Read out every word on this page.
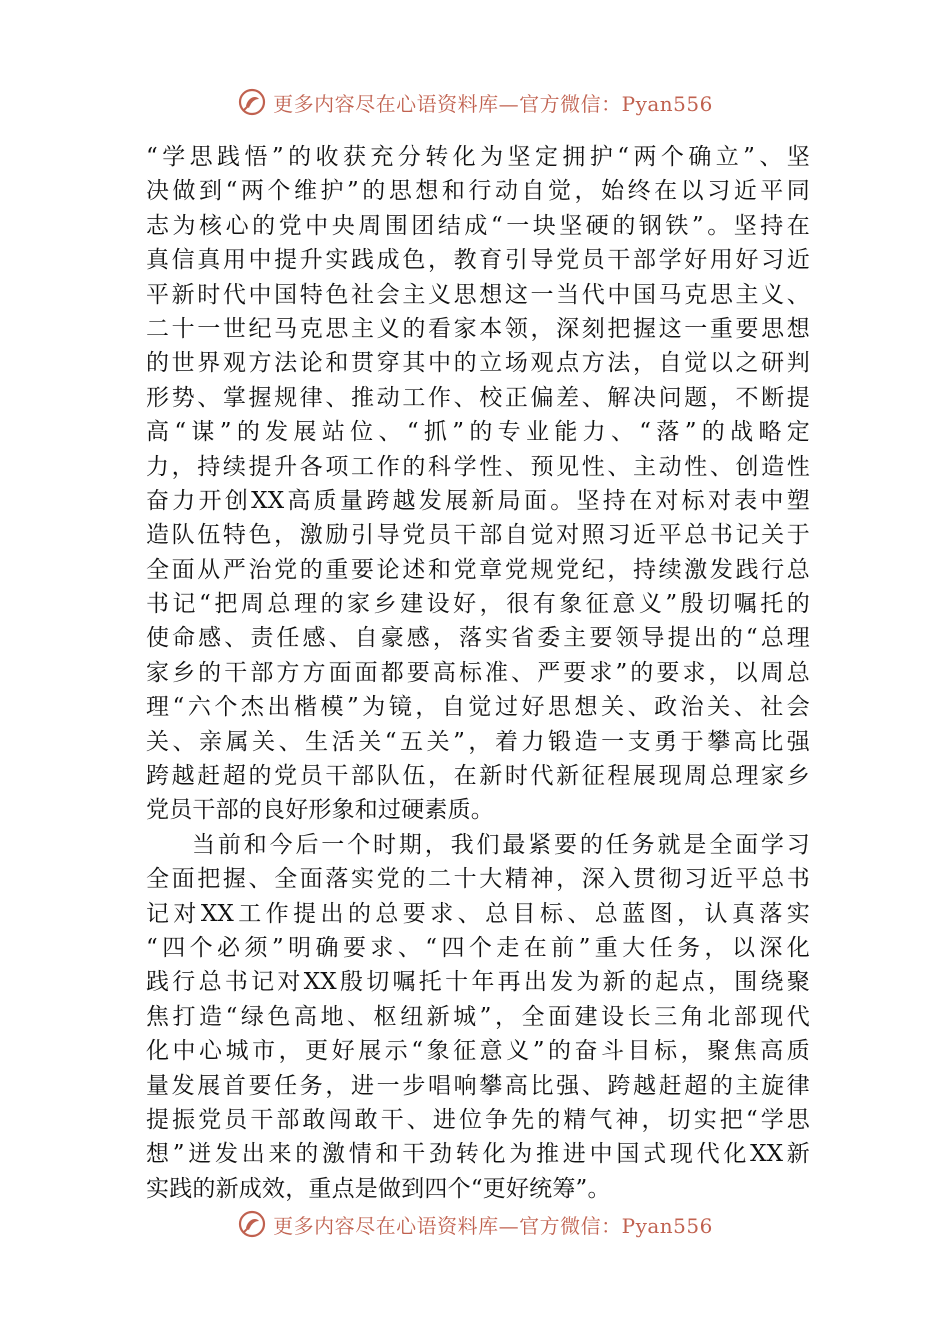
更多内容尽在心语资料库—官方微信：Pyan556
“学思践悟”的收获充分转化为坚定拥护“两个确立”、坚
决做到“两个维护”的思想和行动自觉，始终在以习近平同
志为核心的党中央周围团结成“一块坚硬的钢铁”。坚持在
真信真用中提升实践成色，教育引导党员干部学好用好习近
平新时代中国特色社会主义思想这一当代中国马克思主义、
二十一世纪马克思主义的看家本领，深刻把握这一重要思想
的世界观方法论和贯穿其中的立场观点方法，自觉以之研判
形势、掌握规律、推动工作、校正偏差、解决问题，不断提
高“谋”的发展站位、“抓”的专业能力、“落”的战略定
力，持续提升各项工作的科学性、预见性、主动性、创造性
奋力开创XX高质量跨越发展新局面。坚持在对标对表中塑
造队伍特色，激励引导党员干部自觉对照习近平总书记关于
全面从严治党的重要论述和党章党规党纪，持续激发践行总
书记“把周总理的家乡建设好，很有象征意义”殷切嘱托的
使命感、责任感、自豪感，落实省委主要领导提出的“总理
家乡的干部方方面面都要高标准、严要求”的要求，以周总
理“六个杰出楷模”为镜，自觉过好思想关、政治关、社会
关、亲属关、生活关“五关”，着力锻造一支勇于攀高比强
跨越赶超的党员干部队伍，在新时代新征程展现周总理家乡
党员干部的良好形象和过硬素质。
当前和今后一个时期，我们最紧要的任务就是全面学习
全面把握、全面落实党的二十大精神，深入贯彻习近平总书
记对XX工作提出的总要求、总目标、总蓝图，认真落实
“四个必须”明确要求、“四个走在前”重大任务，以深化
践行总书记对XX殷切嘱托十年再出发为新的起点，围绕聚
焦打造“绿色高地、枢纽新城”，全面建设长三角北部现代
化中心城市，更好展示“象征意义”的奋斗目标，聚焦高质
量发展首要任务，进一步唱响攀高比强、跨越赶超的主旋律
提振党员干部敢闯敢干、进位争先的精气神，切实把“学思
想”迸发出来的激情和干劲转化为推进中国式现代化XX新
实践的新成效，重点是做到四个“更好统筹”。
更多内容尽在心语资料库—官方微信：Pyan556
